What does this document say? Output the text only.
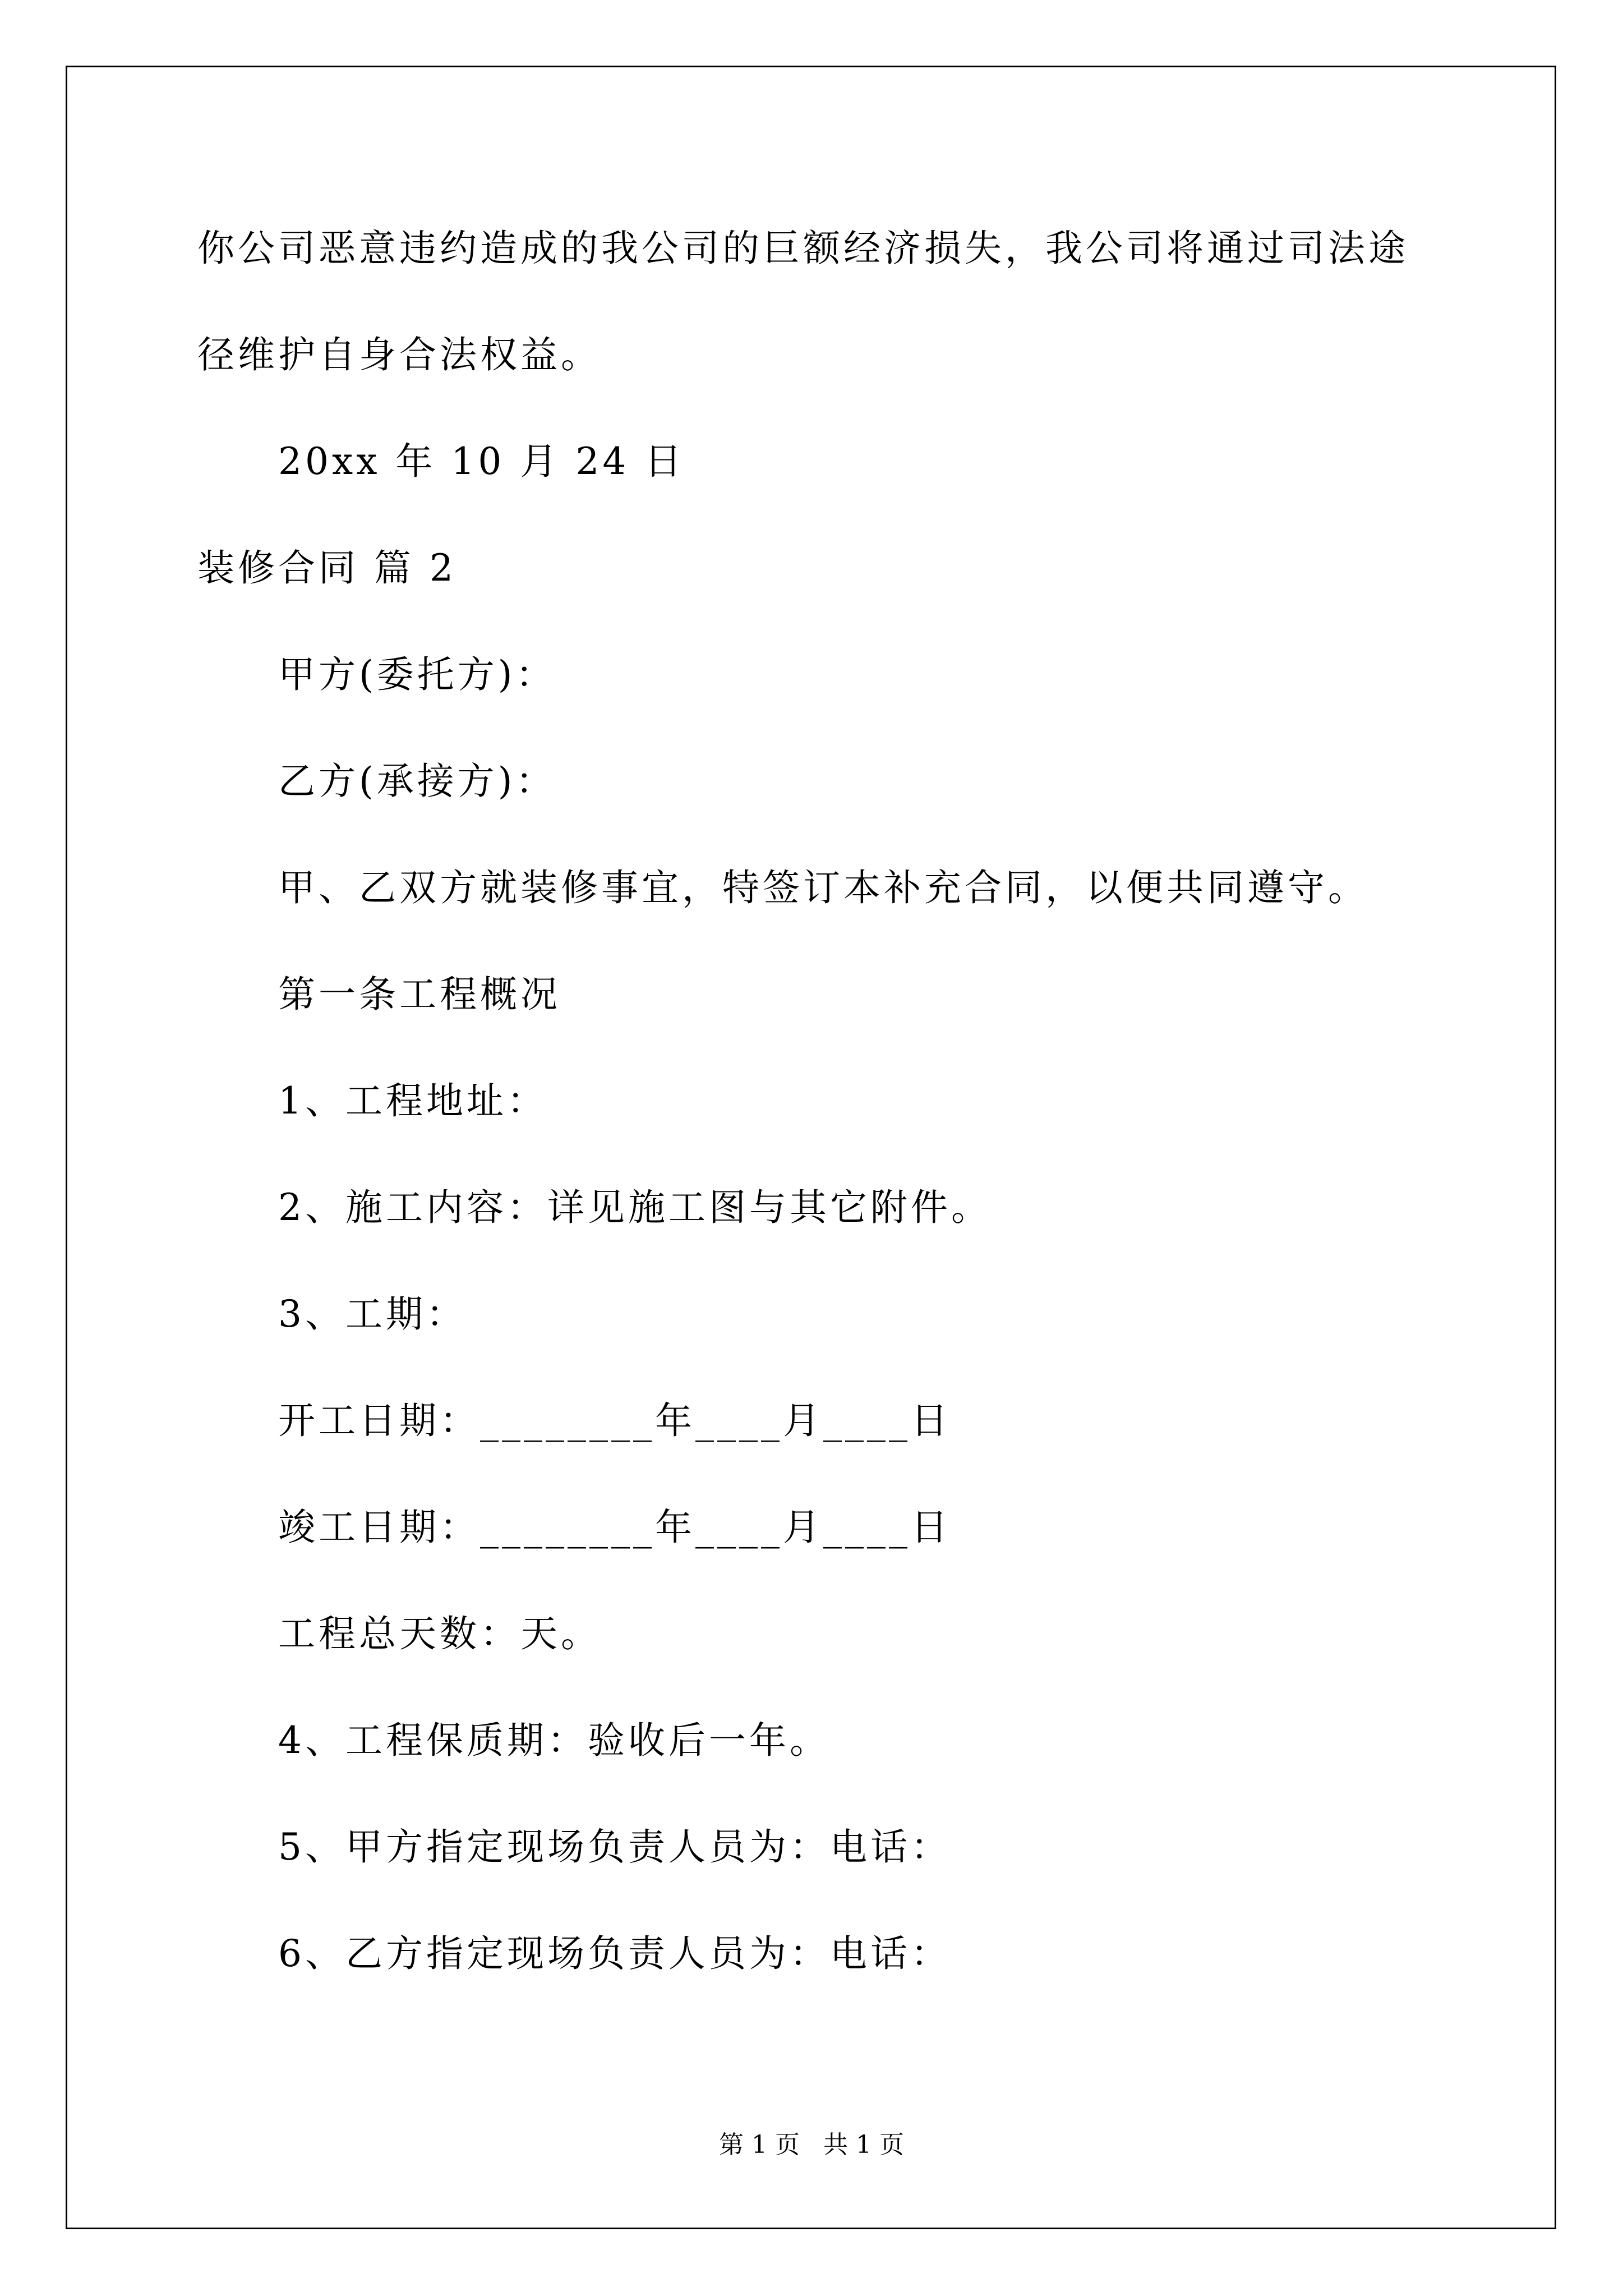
你公司恶意违约造成的我公司的巨额经济损失，我公司将通过司法途
径维护自身合法权益。
20xx 年 10 月 24 日
装修合同 篇 2
甲方(委托方)：
乙方(承接方)：
甲、乙双方就装修事宜，特签订本补充合同，以便共同遵守。
第一条工程概况
1、工程地址：
2、施工内容：详见施工图与其它附件。
3、工期：
开工日期：________年____月____日
竣工日期：________年____月____日
工程总天数：天。
4、工程保质期：验收后一年。
5、甲方指定现场负责人员为：电话：
6、乙方指定现场负责人员为：电话：
第 1 页 共 1 页
